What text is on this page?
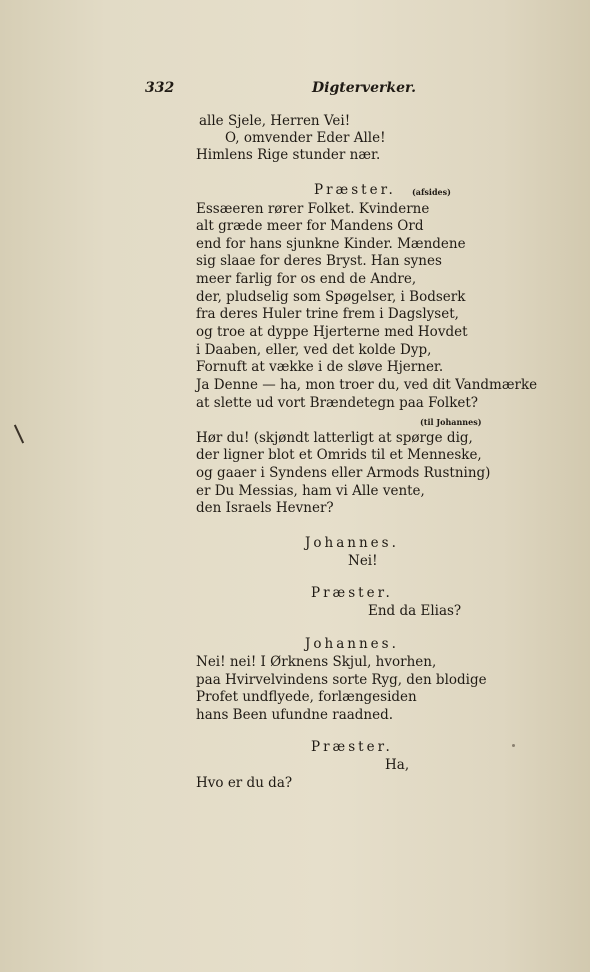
332	Digterverker.
alle Sjele, Herren Vei!
O, omvender Eder Alle!
Himlens Rige stunder nær.
Præster. (afsides)
Essæeren rører Folket. Kvinderne
alt græde meer for Mandens Ord
end for hans sjunkne Kinder. Mændene
sig slaae for deres Bryst. Han synes
meer farlig for os end de Andre,
der, pludselig som Spøgelser, i Bodserk
fra deres Huler trine frem i Dagslyset,
og troe at dyppe Hjerterne med Hovdet
i Daaben, eller, ved det kolde Dyp,
Fornuft at vække i de sløve Hjerner.
Ja Denne — ha, mon troer du, ved dit Vandmærke
at slette ud vort Brændetegn paa Folket?
(til Johannes)
Hør du! (skjøndt latterligt at spørge dig,
der ligner blot et Omrids til et Menneske,
og gaaer i Syndens eller Armods Rustning)
er Du Messias, ham vi Alle vente,
den Israels Hevner?
Johannes.
Nei!
Præster.
End da Elias?
Johannes.
Nei! nei! I Ørknens Skjul, hvorhen,
paa Hvirvelvindens sorte Ryg, den blodige
Profet undflyede, forlængesiden
hans Been ufundne raadned.
Præster.
Ha,
Hvo er du da?
